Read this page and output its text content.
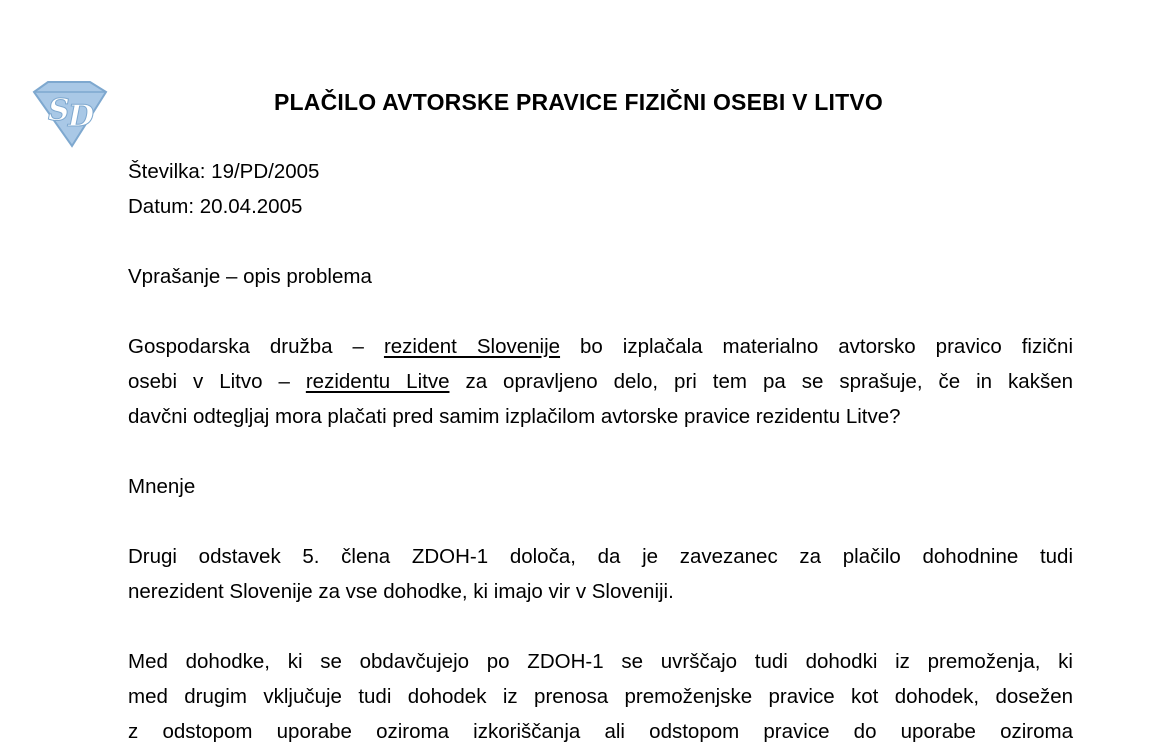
S
D	PLAČILO AVTORSKE PRAVICE FIZIČNI OSEBI V LITVO
Številka: 19/PD/2005
Datum: 20.04.2005
Vprašanje – opis problema
Gospodarska družba – rezident Slovenije bo izplačala materialno avtorsko pravico fizični
osebi v Litvo – rezidentu Litve za opravljeno delo, pri tem pa se sprašuje, če in kakšen
davčni odtegljaj mora plačati pred samim izplačilom avtorske pravice rezidentu Litve?
Mnenje
Drugi odstavek 5. člena ZDOH-1 določa, da je zavezanec za plačilo dohodnine tudi
nerezident Slovenije za vse dohodke, ki imajo vir v Sloveniji.
Med dohodke, ki se obdavčujejo po ZDOH-1 se uvrščajo tudi dohodki iz premoženja, ki
med drugim vključuje tudi dohodek iz prenosa premoženjske pravice kot dohodek, dosežen
z odstopom uporabe oziroma izkoriščanja ali odstopom pravice do uporabe oziroma
